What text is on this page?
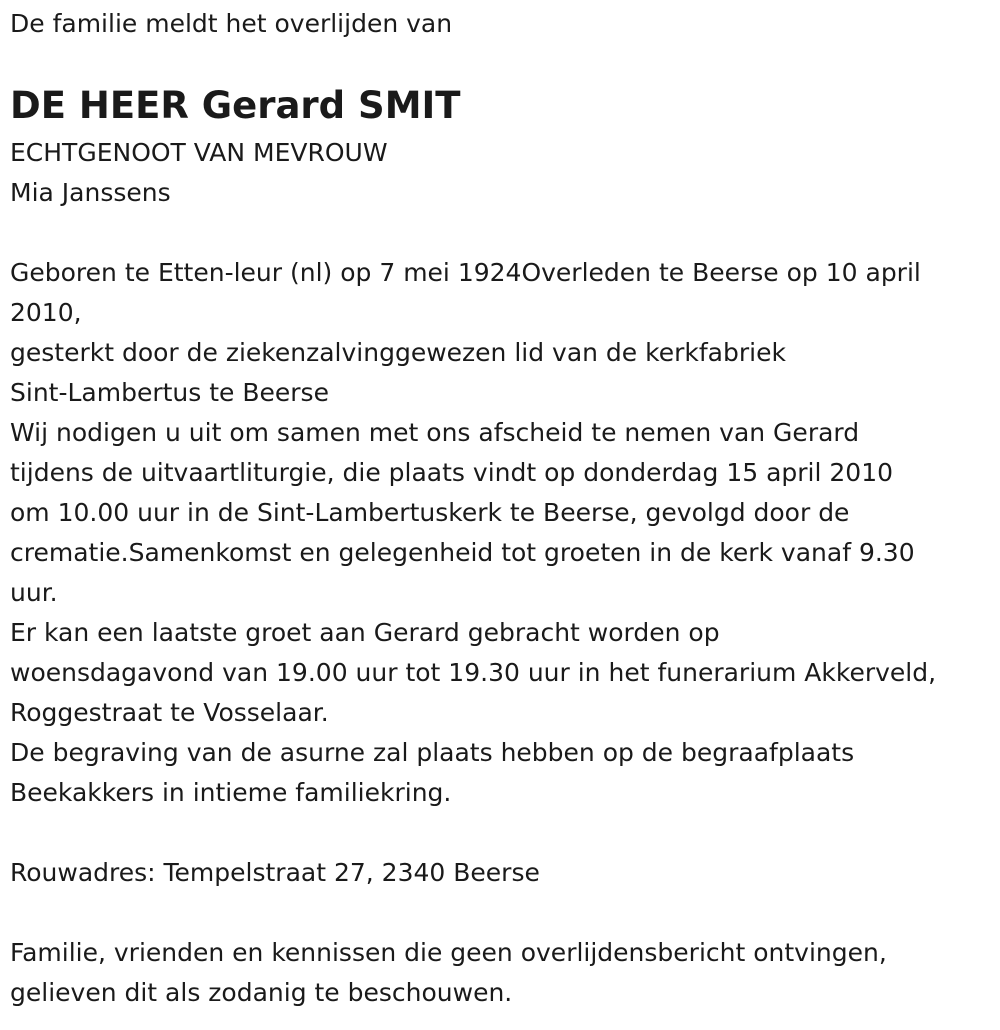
De familie meldt het overlijden van
DE HEER Gerard SMIT
ECHTGENOOT VAN MEVROUW
Mia Janssens
Geboren te Etten-leur (nl) op 7 mei 1924Overleden te Beerse op 10 april
2010,
gesterkt door de ziekenzalvinggewezen lid van de kerkfabriek
Sint-Lambertus te Beerse
Wij nodigen u uit om samen met ons afscheid te nemen van Gerard
tijdens de uitvaartliturgie, die plaats vindt op donderdag 15 april 2010
om 10.00 uur in de Sint-Lambertuskerk te Beerse, gevolgd door de
crematie.Samenkomst en gelegenheid tot groeten in de kerk vanaf 9.30
uur.
Er kan een laatste groet aan Gerard gebracht worden op
woensdagavond van 19.00 uur tot 19.30 uur in het funerarium Akkerveld,
Roggestraat te Vosselaar.
De begraving van de asurne zal plaats hebben op de begraafplaats
Beekakkers in intieme familiekring.
Rouwadres: Tempelstraat 27, 2340 Beerse
Familie, vrienden en kennissen die geen overlijdensbericht ontvingen,
gelieven dit als zodanig te beschouwen.
